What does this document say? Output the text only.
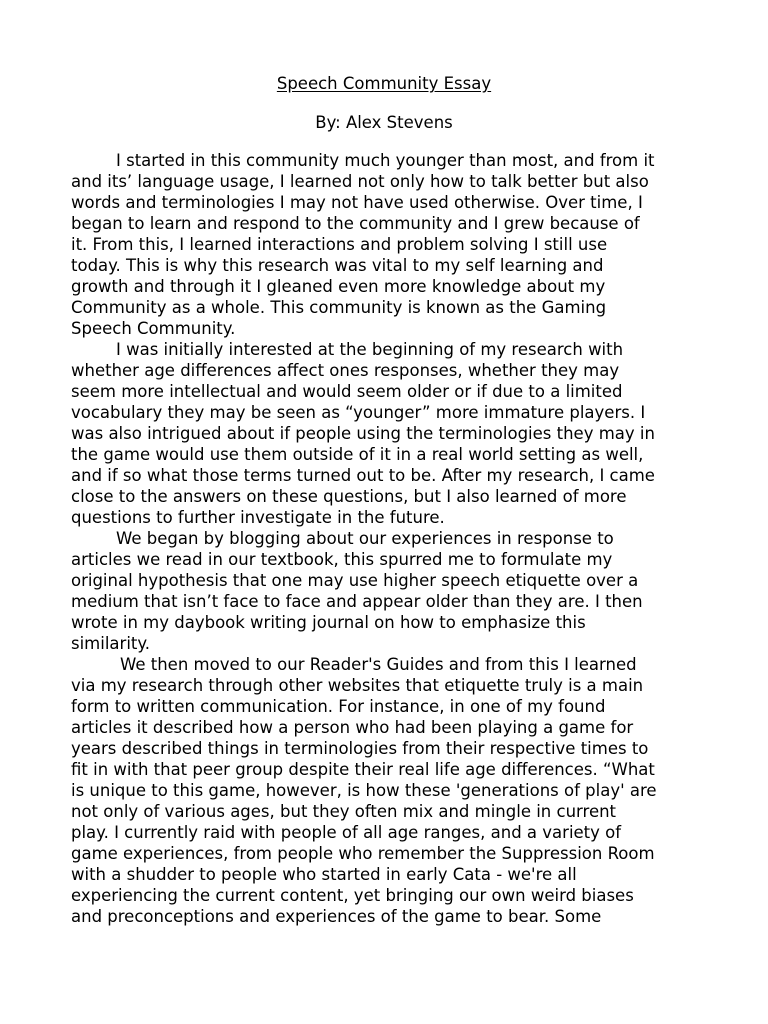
Speech Community Essay
By: Alex Stevens

I started in this community much younger than most, and from it
and its’ language usage, I learned not only how to talk better but also
words and terminologies I may not have used otherwise. Over time, I
began to learn and respond to the community and I grew because of
it. From this, I learned interactions and problem solving I still use
today. This is why this research was vital to my self learning and
growth and through it I gleaned even more knowledge about my
Community as a whole. This community is known as the Gaming
Speech Community.

I was initially interested at the beginning of my research with
whether age differences affect ones responses, whether they may
seem more intellectual and would seem older or if due to a limited
vocabulary they may be seen as “younger” more immature players. I
was also intrigued about if people using the terminologies they may in
the game would use them outside of it in a real world setting as well,
and if so what those terms turned out to be. After my research, I came
close to the answers on these questions, but I also learned of more
questions to further investigate in the future.

We began by blogging about our experiences in response to
articles we read in our textbook, this spurred me to formulate my
original hypothesis that one may use higher speech etiquette over a
medium that isn’t face to face and appear older than they are. I then
wrote in my daybook writing journal on how to emphasize this
similarity.

We then moved to our Reader's Guides and from this I learned
via my research through other websites that etiquette truly is a main
form to written communication. For instance, in one of my found
articles it described how a person who had been playing a game for
years described things in terminologies from their respective times to
fit in with that peer group despite their real life age differences. “What
is unique to this game, however, is how these 'generations of play' are
not only of various ages, but they often mix and mingle in current
play. I currently raid with people of all age ranges, and a variety of
game experiences, from people who remember the Suppression Room
with a shudder to people who started in early Cata - we're all
experiencing the current content, yet bringing our own weird biases
and preconceptions and experiences of the game to bear. Some
